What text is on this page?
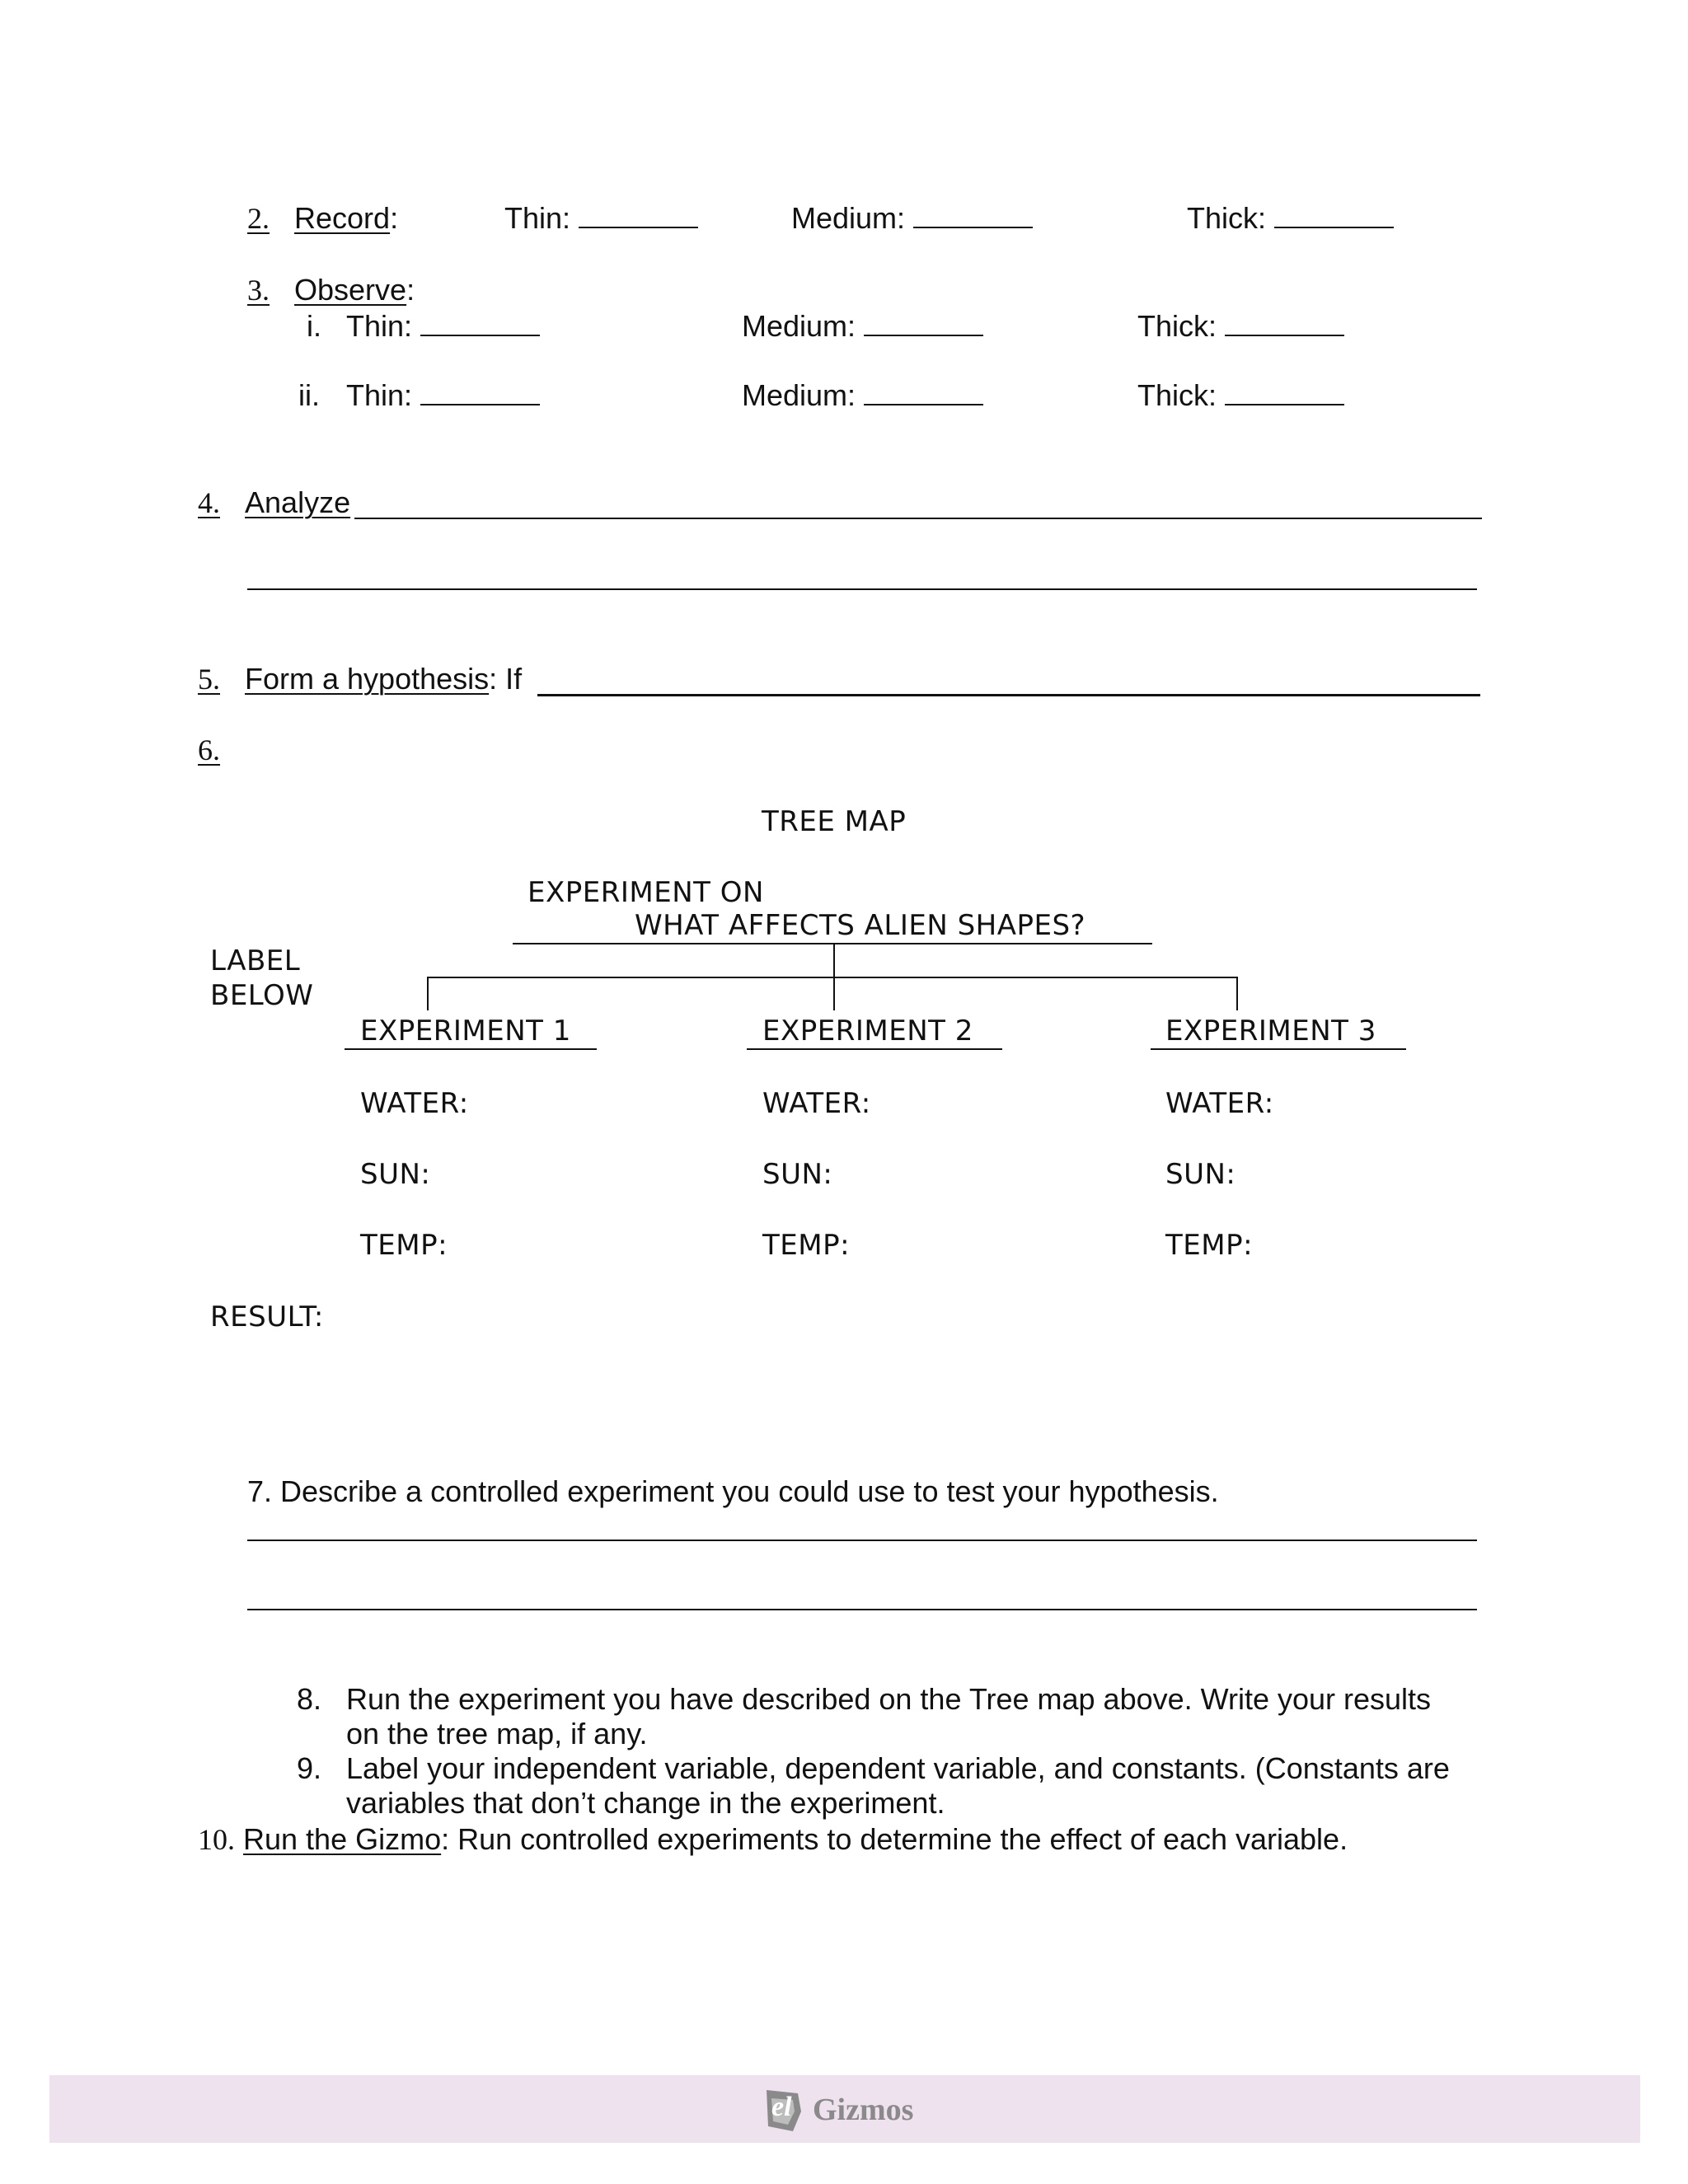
2. Record:	Thin:	Medium:	Thick:
3. Observe:
i. Thin:	Medium:	Thick:
ii. Thin:	Medium:	Thick:
4. Analyze
5. Form a hypothesis: If
6.
TREE MAP
EXPERIMENT ON
WHAT AFFECTS ALIEN SHAPES?
LABEL
BELOW
EXPERIMENT 1
WATER:
SUN:
TEMP:
EXPERIMENT 2
WATER:
SUN:
TEMP:
EXPERIMENT 3
WATER:
SUN:
TEMP:
RESULT:
7. Describe a controlled experiment you could use to test your hypothesis.
8. Run the experiment you have described on the Tree map above. Write your results
on the tree map, if any.
9. Label your independent variable, dependent variable, and constants. (Constants are
variables that don’t change in the experiment.
10. Run the Gizmo: Run controlled experiments to determine the effect of each variable.
el Gizmos
